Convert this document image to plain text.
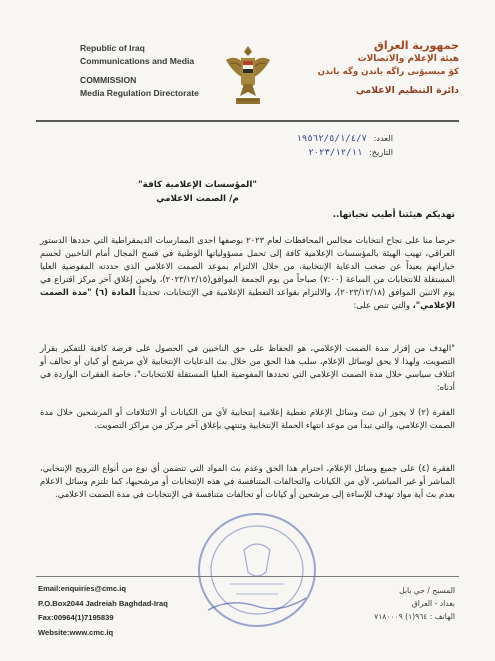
Republic of Iraq
Communications and Media
COMMISSION
Media Regulation Directorate
جمهورية العراق
هيئة الإعلام والاتصالات
كۆ میسیۆنی راگه یاندن وگه یاندن
دائرة التنظيم الاعلامي
العدد: ١٩٥٦٢/٥/١/٤/٧
التاريخ: ٢٠٢٣/١٢/١١
"المؤسسات الإعلامية كافة"
م/ الصمت الاعلامي
تهديكم هيئتنا أطيب تحياتها..
حرصا منا على نجاح انتخابات مجالس المحافظات لعام ٢٠٢٣ بوصفها احدى الممارسات الديمقراطية التي حددها الدستور العراقي، تهيب الهيئة بالمؤسسات الإعلامية كافة إلى تحمل مسؤولياتها الوطنية في فسح المجال أمام الناخبين لحسم خياراتهم بعيداً عن صخب الدعاية الإنتخابية، من خلال الالتزام بموعد الصمت الاعلامي الذي حددته المفوضية العليا المستقلة للانتخابات من الساعة (٧:٠٠) صباحاً من يوم الجمعة الموافق(٢٠٢٣/١٢/١٥)، ولحين إغلاق آخر مركز اقتراع في يوم الاثنين الموافق (٢٠٢٣/١٢/١٨)، والالتزام بقواعد التغطية الإعلامية في الإنتخابات، تحديداً المادة (٦) "مدة الصمت الإعلامي"، والتي تنص على:
"الهدف من إقرار مدة الصمت الإعلامي، هو الحفاظ على حق الناخبين في الحصول على فرصة كافية للتفكير بقرار التصويت، ولهذا لا يحق لوسائل الإعلام، سلب هذا الحق من خلال بث الدعايات الإنتخابية لأي مرشح أو كيان أو تحالف أو ائتلاف سياسي خلال مدة الصمت الإعلامي التي تحددها المفوضية العليا المستقلة للانتخابات"، خاصة الفقرات الواردة في أدناه:
الفقرة (٢) لا يجوز ان تبث وسائل الإعلام تغطية إعلامية إنتخابية لأي من الكيانات أو الائتلافات أو المرشحين خلال مدة الصمت الإعلامي، والتي تبدأ من موعد انتهاء الحملة الإنتخابية وتنتهي بإغلاق آخر مركز من مراكز التصويت.
الفقرة (٤) على جميع وسائل الإعلام، احترام هذا الحق وعدم بث المواد التي تتضمن أي نوع من أنواع الترويج الإنتخابي، المباشر أو غير المباشر، لأي من الكيانات والتحالفات المتنافسة في هذه الإنتخابات أو مرشحيها، كما تلتزم وسائل الاعلام بعدم بث أية مواد تهدف للإساءة إلى مرشحين أو كيانات أو تحالفات متنافسة في الإنتخابات في مدة الصمت الاعلامي.
Email:enquiries@cmc.iq
P.O.Box2044 Jadreiah Baghdad-Iraq
Fax:00964(1)7195839
Website:www.cmc.iq
المسبح / حي بابل
بغداد - العراق
الهاتف : ٩٦٤(١) ٧١٨٠٠٠٩
